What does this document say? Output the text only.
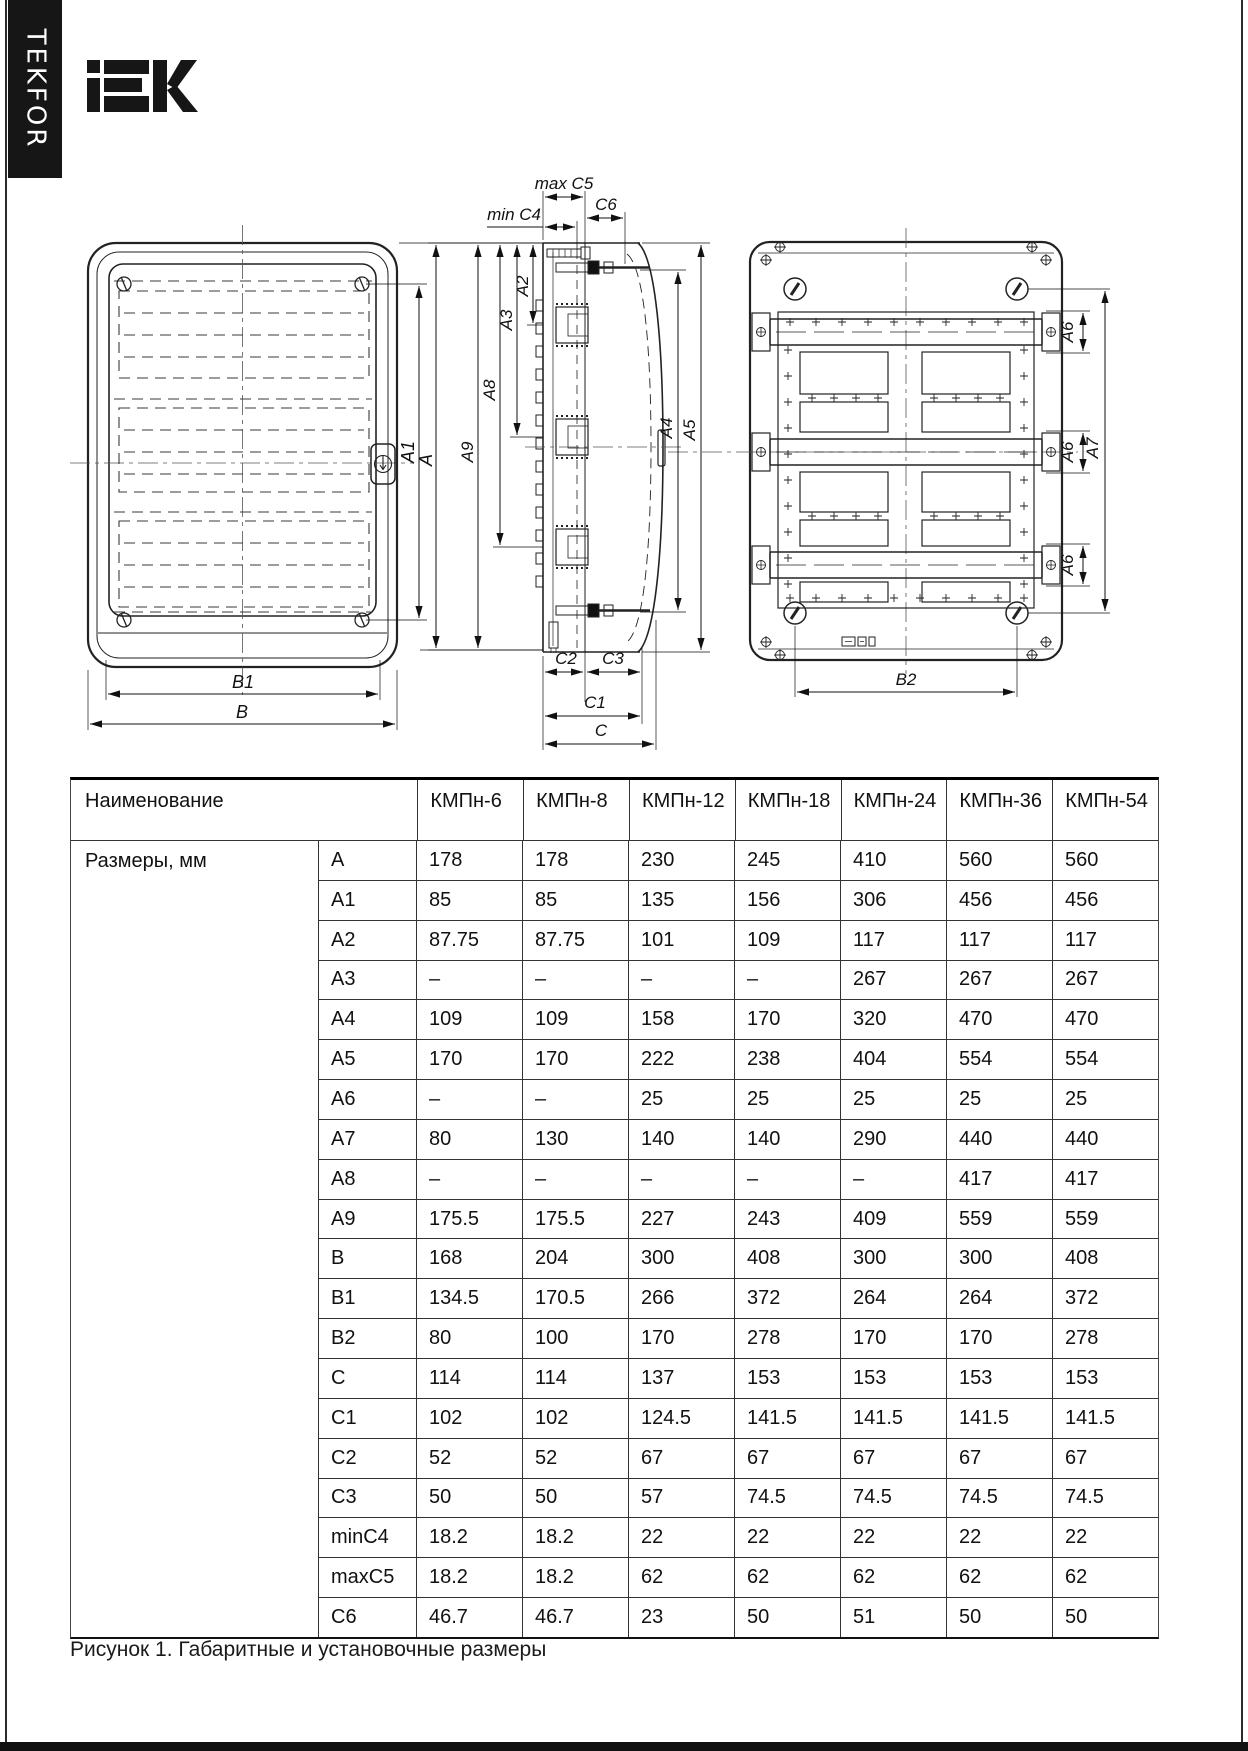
TEKFOR
A1
A
B1
B
max C5
C6
min C4
A2
A3
A8
A9
C2 C3
C1
C
A4 A5
A7
A6
A6
A6
B2
Наименование	КМПн-6	КМПн-8	КМПн-12	КМПн-18	КМПн-24	КМПн-36	КМПн-54
Размеры, мм	A	178	178	230	245	410	560	560
A1	85	85	135	156	306	456	456
A2	87.75	87.75	101	109	117	117	117
A3	–	–	–	–	267	267	267
A4	109	109	158	170	320	470	470
A5	170	170	222	238	404	554	554
A6	–	–	25	25	25	25	25
A7	80	130	140	140	290	440	440
A8	–	–	–	–	–	417	417
A9	175.5	175.5	227	243	409	559	559
B	168	204	300	408	300	300	408
B1	134.5	170.5	266	372	264	264	372
B2	80	100	170	278	170	170	278
C	114	114	137	153	153	153	153
C1	102	102	124.5	141.5	141.5	141.5	141.5
C2	52	52	67	67	67	67	67
C3	50	50	57	74.5	74.5	74.5	74.5
minC4	18.2	18.2	22	22	22	22	22
maxC5	18.2	18.2	62	62	62	62	62
C6	46.7	46.7	23	50	51	50	50
Рисунок 1. Габаритные и установочные размеры
